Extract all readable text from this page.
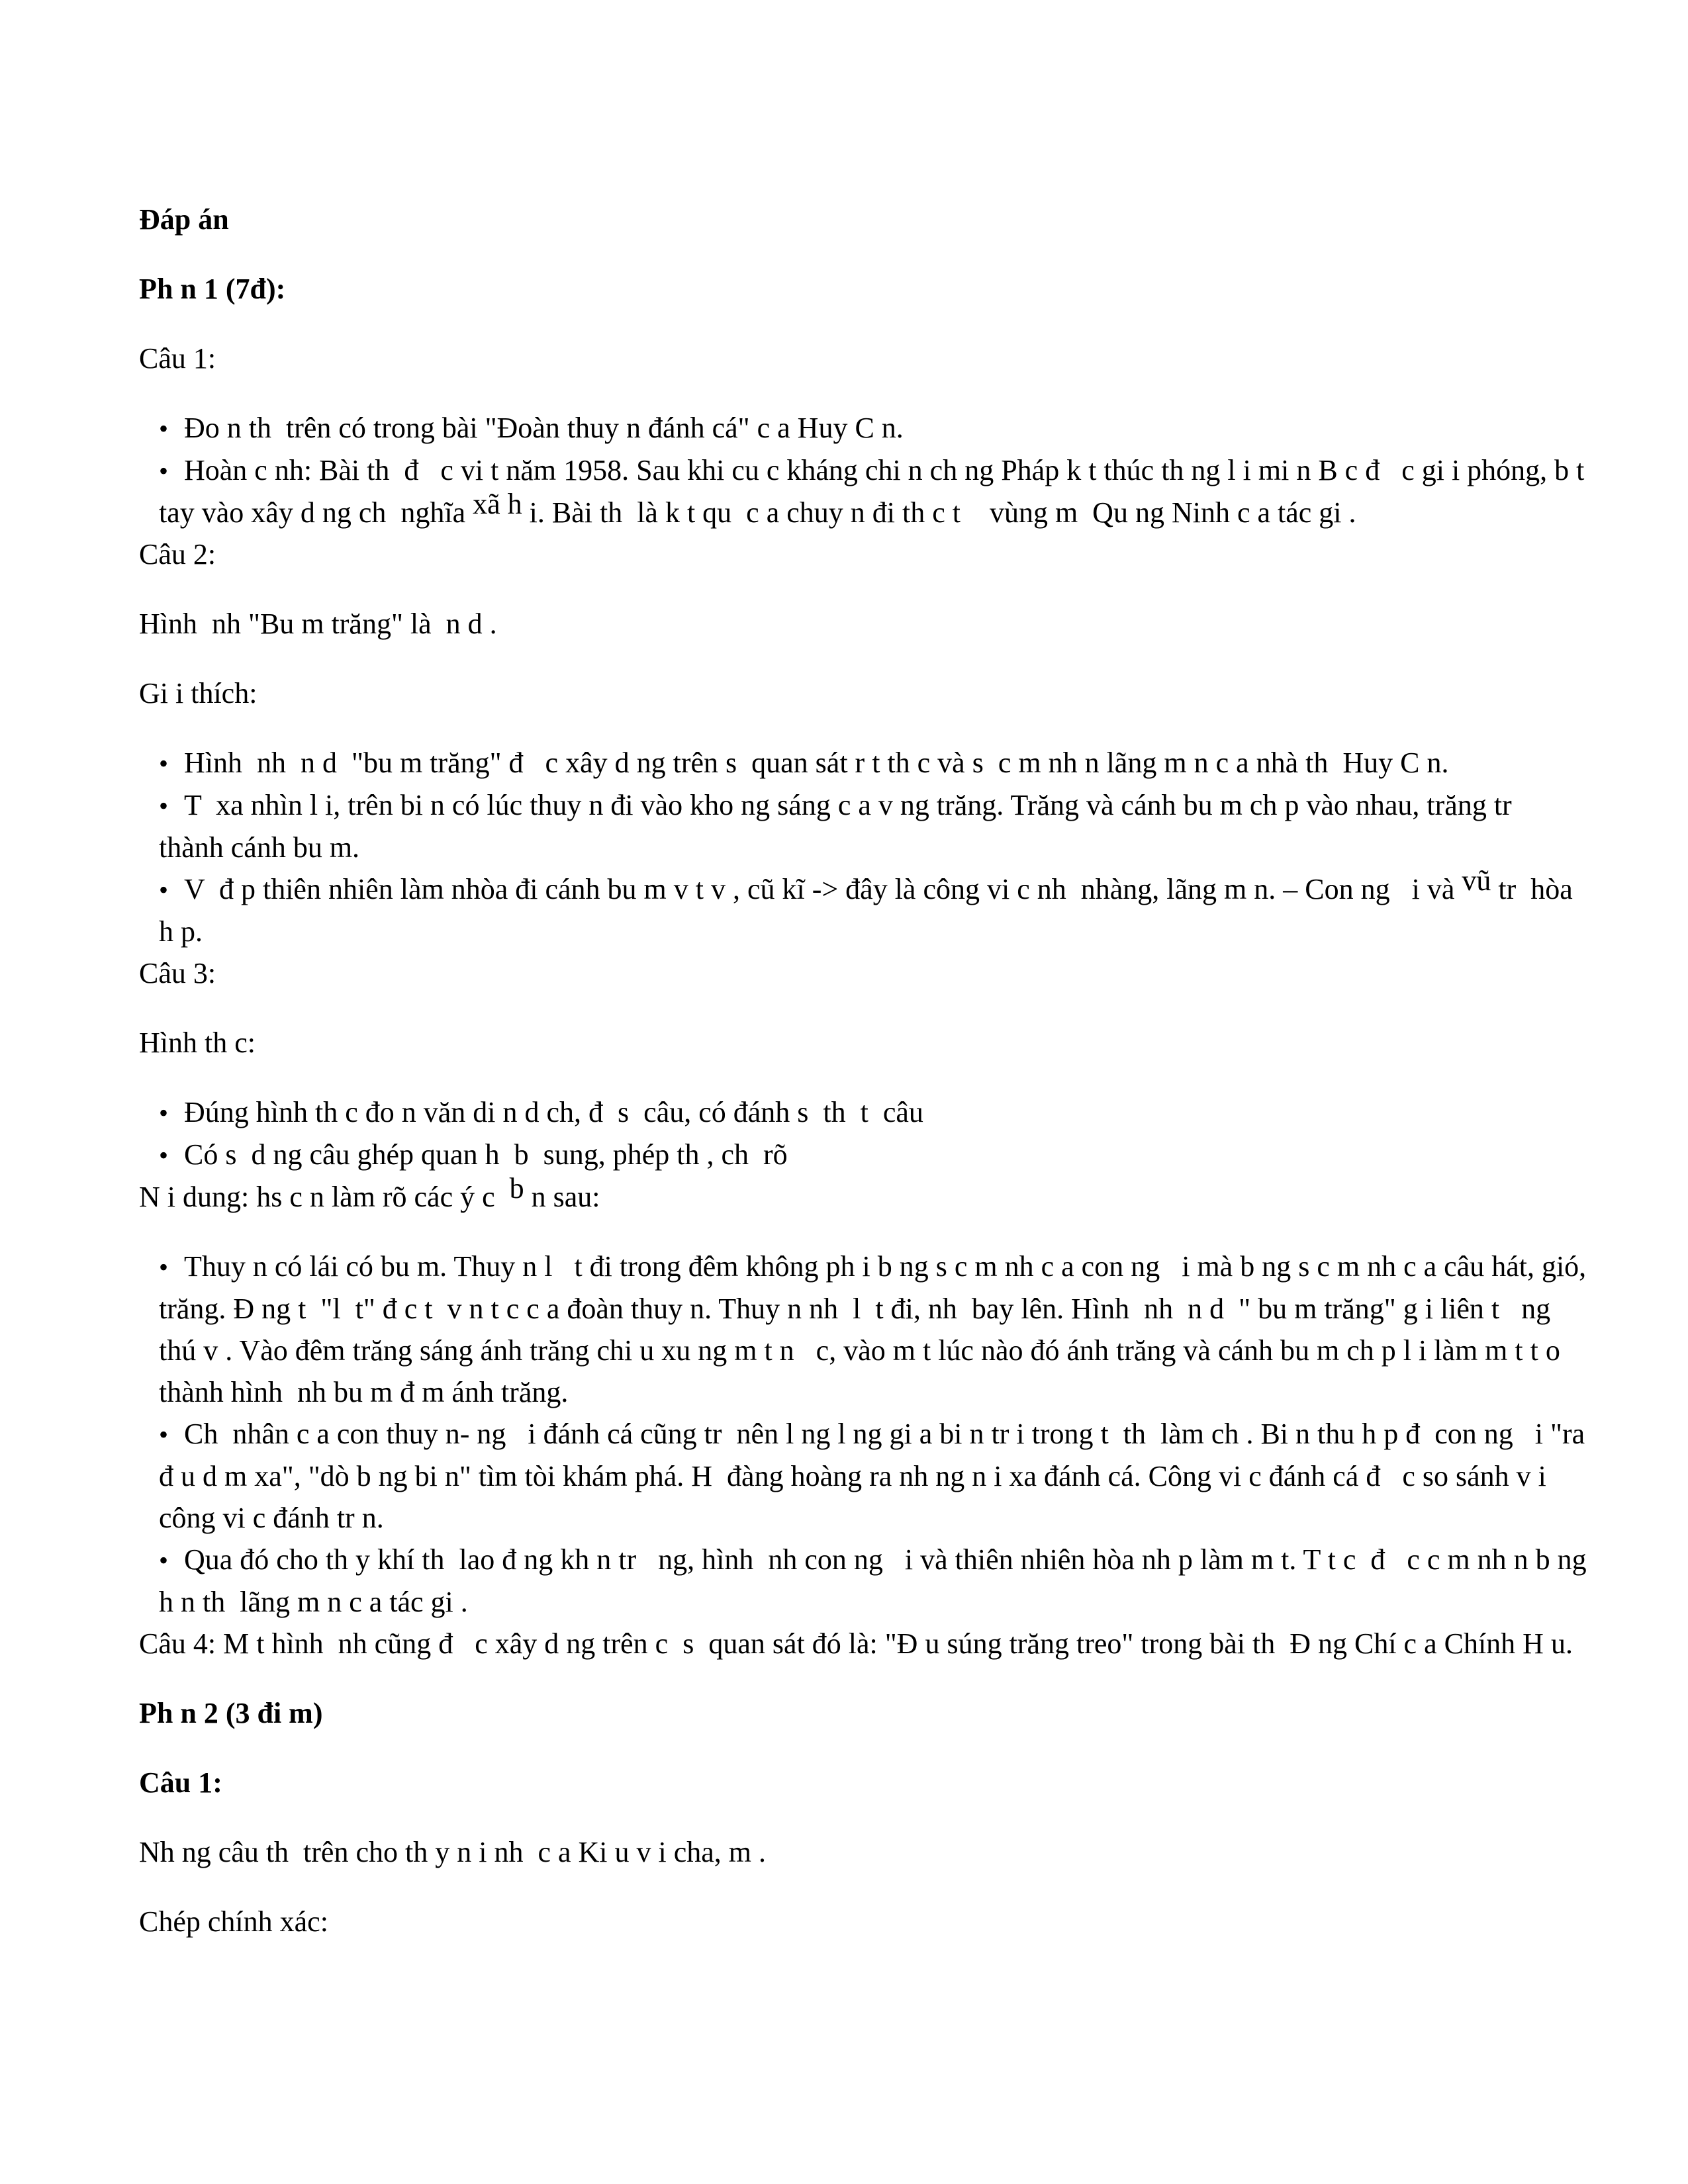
Đáp án

Ph n 1 (7đ):

Câu 1:

• Đo n th  trên có trong bài "Đoàn thuy n đánh cá" c a Huy C n.
• Hoàn c nh: Bài th  đ   c vi t năm 1958. Sau khi cu c kháng chi n ch ng Pháp k t thúc th ng l i mi n B c đ   c gi i phóng, b t tay vào xây d ng ch  nghĩa xã h i. Bài th  là k t qu  c a chuy n đi th c t    vùng m  Qu ng Ninh c a tác gi .

Câu 2:

Hình  nh "Bu m trăng" là  n d .

Gi i thích:

• Hình  nh  n d  "bu m trăng" đ   c xây d ng trên s  quan sát r t th c và s  c m nh n lãng m n c a nhà th  Huy C n.
• T  xa nhìn l i, trên bi n có lúc thuy n đi vào kho ng sáng c a v ng trăng. Trăng và cánh bu m ch p vào nhau, trăng tr  thành cánh bu m.
• V  đ p thiên nhiên làm nhòa đi cánh bu m v t v , cũ kĩ -> đây là công vi c nh  nhàng, lãng m n. – Con ng   i và vũ tr  hòa h p.

Câu 3:

Hình th c:

• Đúng hình th c đo n văn di n d ch, đ  s  câu, có đánh s  th  t  câu
• Có s  d ng câu ghép quan h  b  sung, phép th , ch  rõ

N i dung: hs c n làm rõ các ý c  b n sau:

• Thuy n có lái có bu m. Thuy n l   t đi trong đêm không ph i b ng s c m nh c a con ng   i mà b ng s c m nh c a câu hát, gió, trăng. Đ ng t  "l  t" đ c t  v n t c c a đoàn thuy n. Thuy n nh  l  t đi, nh  bay lên. Hình  nh  n d  " bu m trăng" g i liên t   ng thú v . Vào đêm trăng sáng ánh trăng chi u xu ng m t n   c, vào m t lúc nào đó ánh trăng và cánh bu m ch p l i làm m t t o thành hình  nh bu m đ m ánh trăng.
• Ch  nhân c a con thuy n- ng   i đánh cá cũng tr  nên l ng l ng gi a bi n tr i trong t  th  làm ch . Bi n thu h p đ  con ng   i "ra đ u d m xa", "dò b ng bi n" tìm tòi khám phá. H  đàng hoàng ra nh ng n i xa đánh cá. Công vi c đánh cá đ   c so sánh v i công vi c đánh tr n.
• Qua đó cho th y khí th  lao đ ng kh n tr   ng, hình  nh con ng   i và thiên nhiên hòa nh p làm m t. T t c  đ   c c m nh n b ng h n th  lãng m n c a tác gi .

Câu 4: M t hình  nh cũng đ   c xây d ng trên c  s  quan sát đó là: "Đ u súng trăng treo" trong bài th  Đ ng Chí c a Chính H u.

Ph n 2 (3 đi m)

Câu 1:

Nh ng câu th  trên cho th y n i nh  c a Ki u v i cha, m .

Chép chính xác:
